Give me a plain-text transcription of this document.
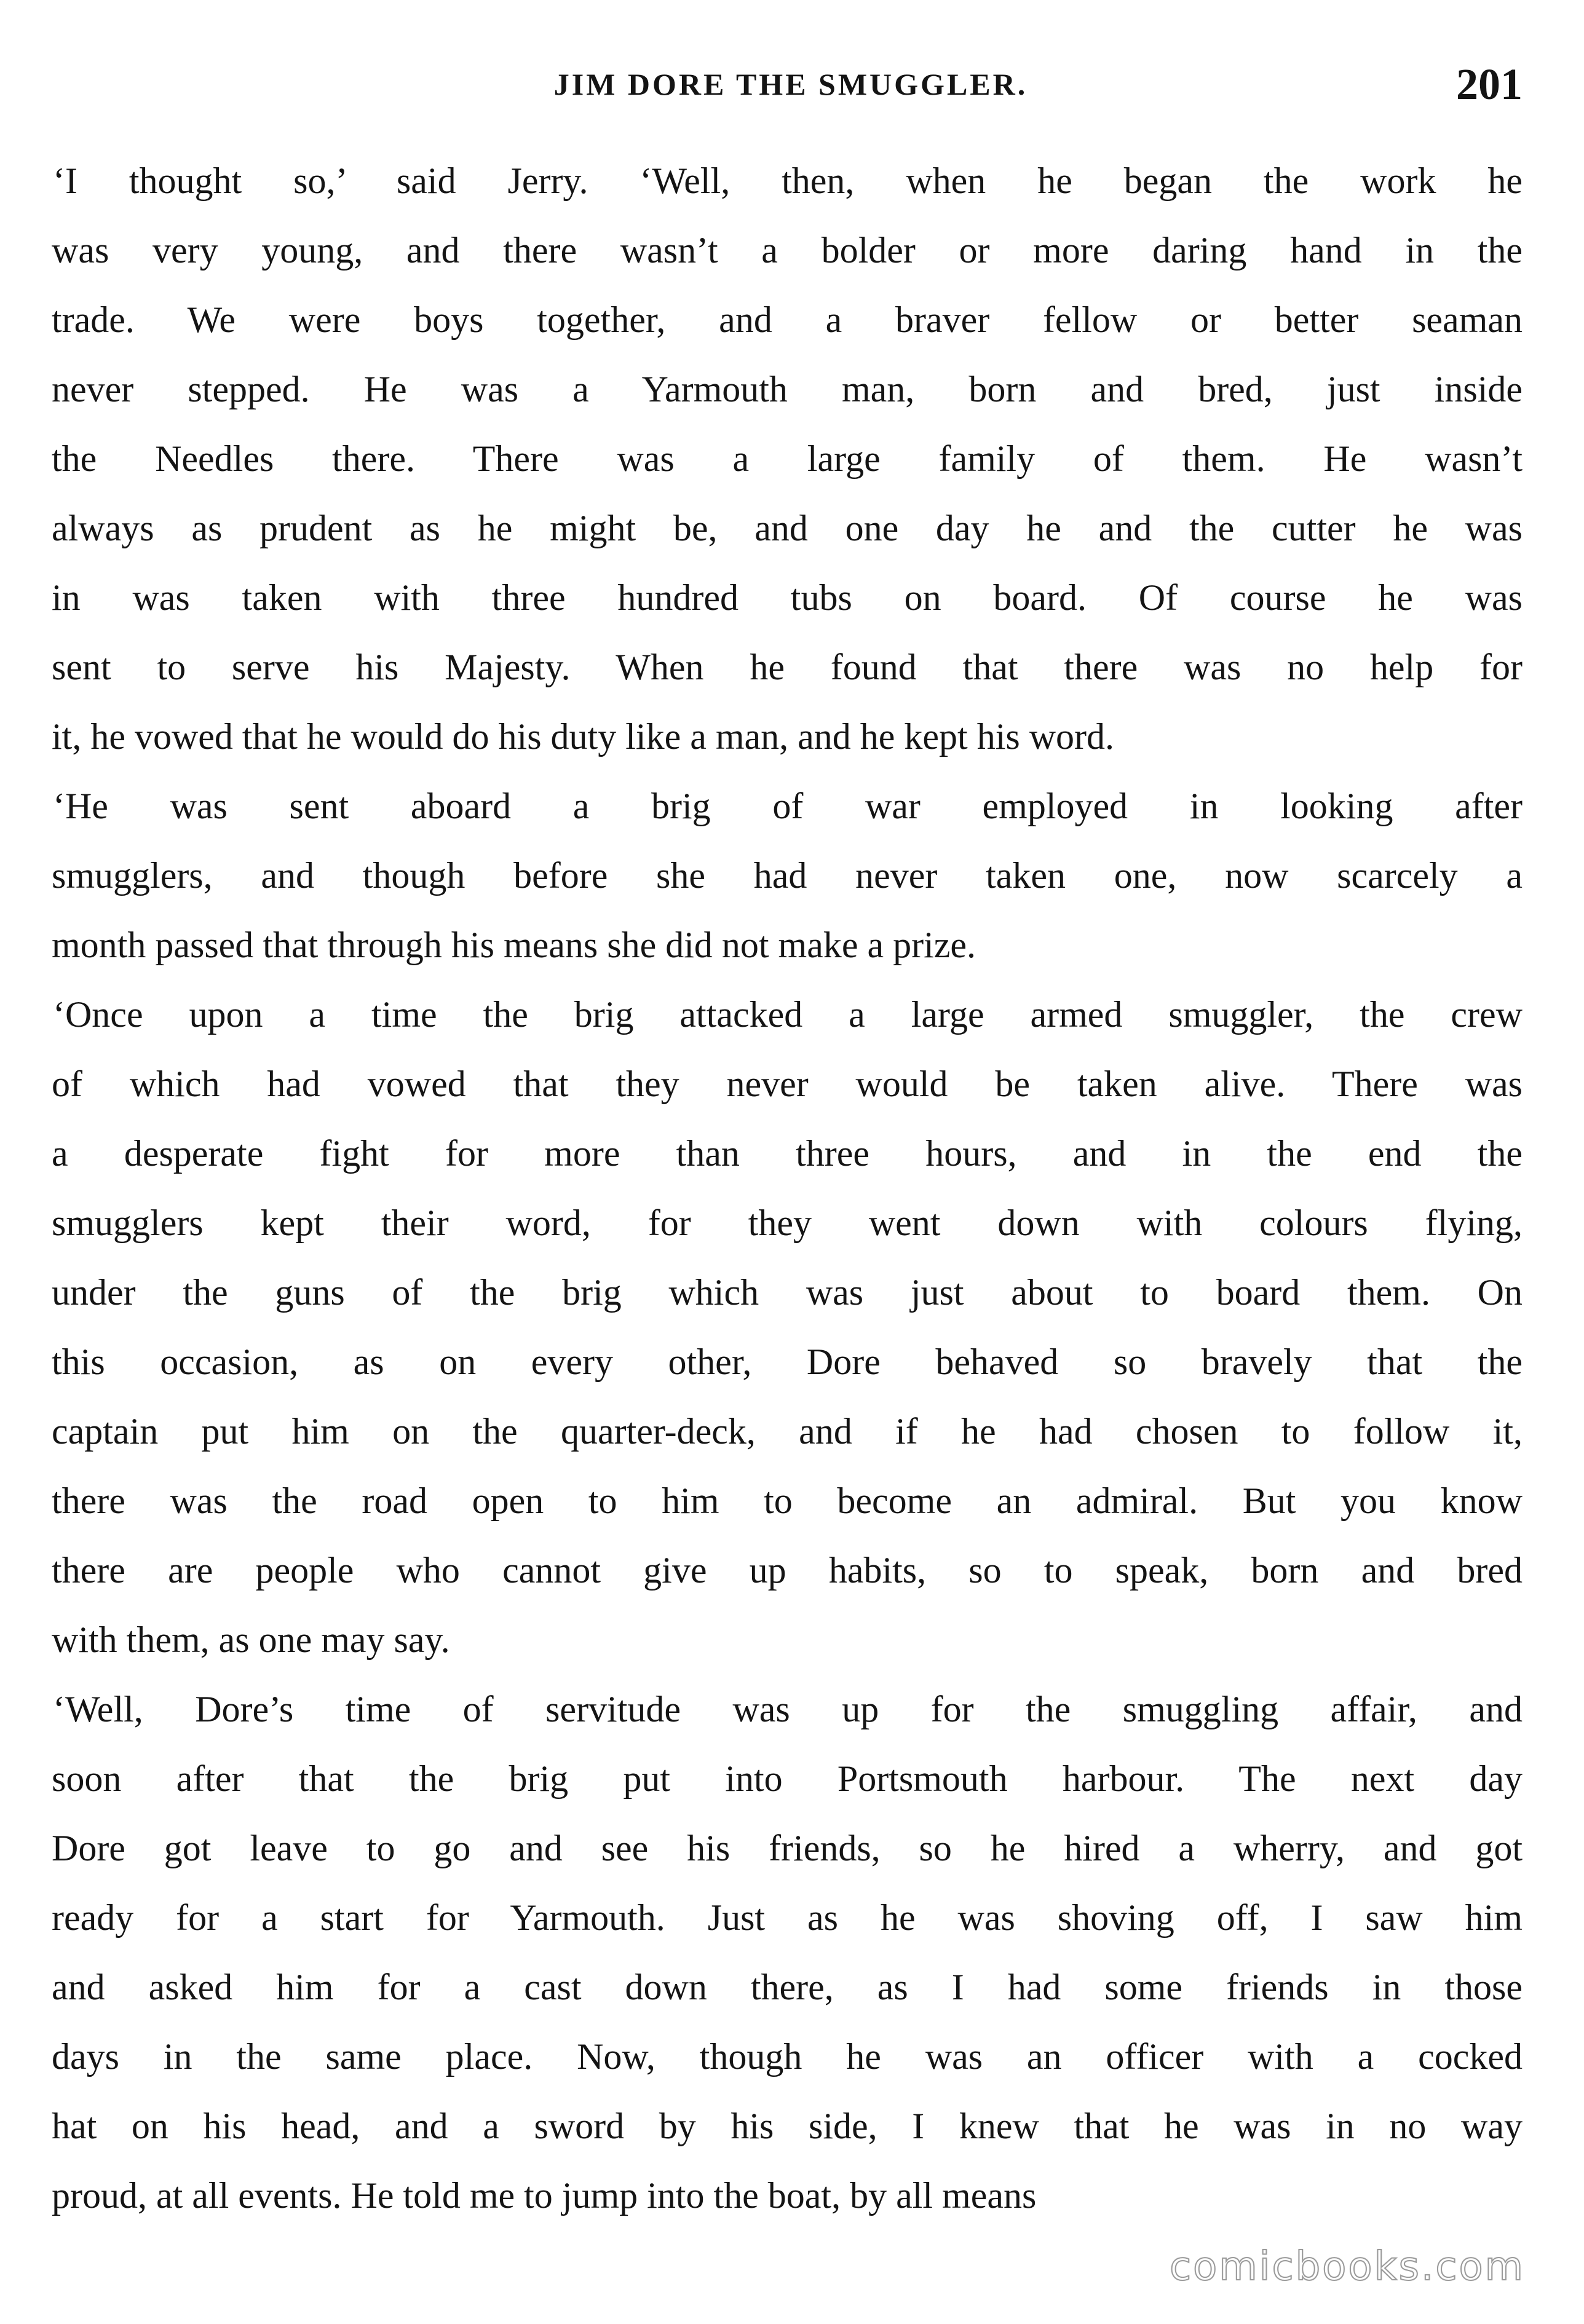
JIM DORE THE SMUGGLER.	201
‘I thought so,’ said Jerry. ‘Well, then, when he began the work he
was very young, and there wasn’t a bolder or more daring hand in the
trade. We were boys together, and a braver fellow or better seaman
never stepped. He was a Yarmouth man, born and bred, just inside
the Needles there. There was a large family of them. He wasn’t
always as prudent as he might be, and one day he and the cutter he was
in was taken with three hundred tubs on board. Of course he was
sent to serve his Majesty. When he found that there was no help for
it, he vowed that he would do his duty like a man, and he kept his word.
‘He was sent aboard a brig of war employed in looking after
smugglers, and though before she had never taken one, now scarcely a
month passed that through his means she did not make a prize.
‘Once upon a time the brig attacked a large armed smuggler, the crew
of which had vowed that they never would be taken alive. There was
a desperate fight for more than three hours, and in the end the
smugglers kept their word, for they went down with colours flying,
under the guns of the brig which was just about to board them. On
this occasion, as on every other, Dore behaved so bravely that the
captain put him on the quarter-deck, and if he had chosen to follow it,
there was the road open to him to become an admiral. But you know
there are people who cannot give up habits, so to speak, born and bred
with them, as one may say.
‘Well, Dore’s time of servitude was up for the smuggling affair, and
soon after that the brig put into Portsmouth harbour. The next day
Dore got leave to go and see his friends, so he hired a wherry, and got
ready for a start for Yarmouth. Just as he was shoving off, I saw him
and asked him for a cast down there, as I had some friends in those
days in the same place. Now, though he was an officer with a cocked
hat on his head, and a sword by his side, I knew that he was in no way
proud, at all events. He told me to jump into the boat, by all means
comicbooks.com
